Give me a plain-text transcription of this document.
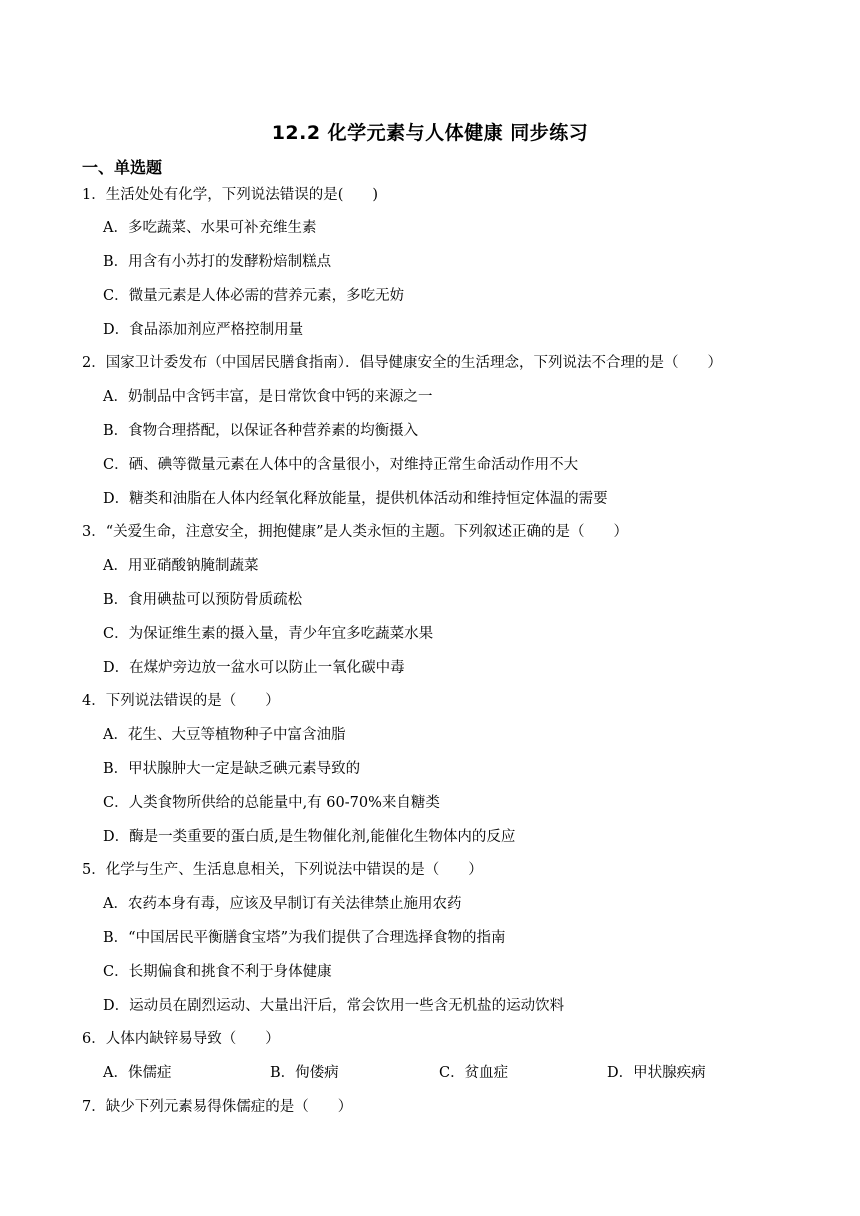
12.2 化学元素与人体健康 同步练习
一、单选题
1．生活处处有化学，下列说法错误的是(　　)
A．多吃蔬菜、水果可补充维生素
B．用含有小苏打的发酵粉焙制糕点
C．微量元素是人体必需的营养元素，多吃无妨
D．食品添加剂应严格控制用量
2．国家卫计委发布（中国居民膳食指南）．倡导健康安全的生活理念，下列说法不合理的是（　　）
A．奶制品中含钙丰富，是日常饮食中钙的来源之一
B．食物合理搭配，以保证各种营养素的均衡摄入
C．硒、碘等微量元素在人体中的含量很小，对维持正常生命活动作用不大
D．糖类和油脂在人体内经氧化释放能量，提供机体活动和维持恒定体温的需要
3．“关爱生命，注意安全，拥抱健康”是人类永恒的主题。下列叙述正确的是（　　）
A．用亚硝酸钠腌制蔬菜
B．食用碘盐可以预防骨质疏松
C．为保证维生素的摄入量，青少年宜多吃蔬菜水果
D．在煤炉旁边放一盆水可以防止一氧化碳中毒
4．下列说法错误的是（　　）
A．花生、大豆等植物种子中富含油脂
B．甲状腺肿大一定是缺乏碘元素导致的
C．人类食物所供给的总能量中,有 60-70%来自糖类
D．酶是一类重要的蛋白质,是生物催化剂,能催化生物体内的反应
5．化学与生产、生活息息相关，下列说法中错误的是（　　）
A．农药本身有毒，应该及早制订有关法律禁止施用农药
B．“中国居民平衡膳食宝塔”为我们提供了合理选择食物的指南
C．长期偏食和挑食不利于身体健康
D．运动员在剧烈运动、大量出汗后，常会饮用一些含无机盐的运动饮料
6．人体内缺锌易导致（　　）
A．侏儒症	B．佝偻病	C．贫血症	D．甲状腺疾病
7．缺少下列元素易得侏儒症的是（　　）
